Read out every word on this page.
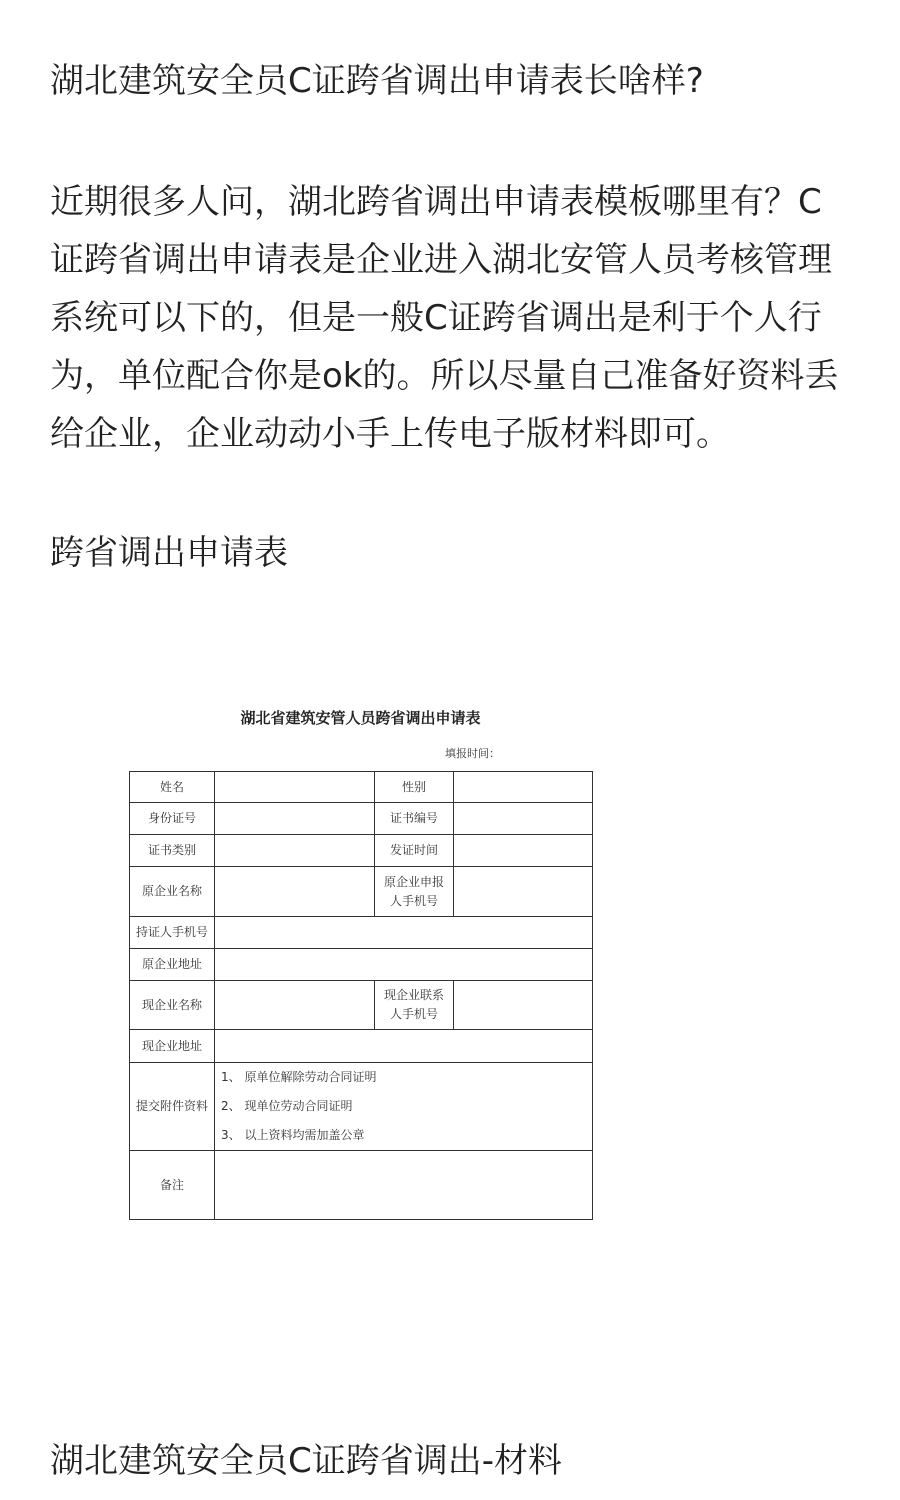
湖北建筑安全员C证跨省调出申请表长啥样?
近期很多人问，湖北跨省调出申请表模板哪里有？C
证跨省调出申请表是企业进入湖北安管人员考核管理
系统可以下的，但是一般C证跨省调出是利于个人行
为，单位配合你是ok的。所以尽量自己准备好资料丢
给企业，企业动动小手上传电子版材料即可。
跨省调出申请表
湖北省建筑安管人员跨省调出申请表
填报时间：
姓名		性别	
身份证号		证书编号	
证书类别		发证时间	
原企业名称		原企业申报
人手机号	
持证人手机号			
原企业地址			
现企业名称		现企业联系
人手机号	
现企业地址			
提交附件资料	1、 原单位解除劳动合同证明
2、 现单位劳动合同证明
3、 以上资料均需加盖公章		

备注			
湖北建筑安全员C证跨省调出-材料
